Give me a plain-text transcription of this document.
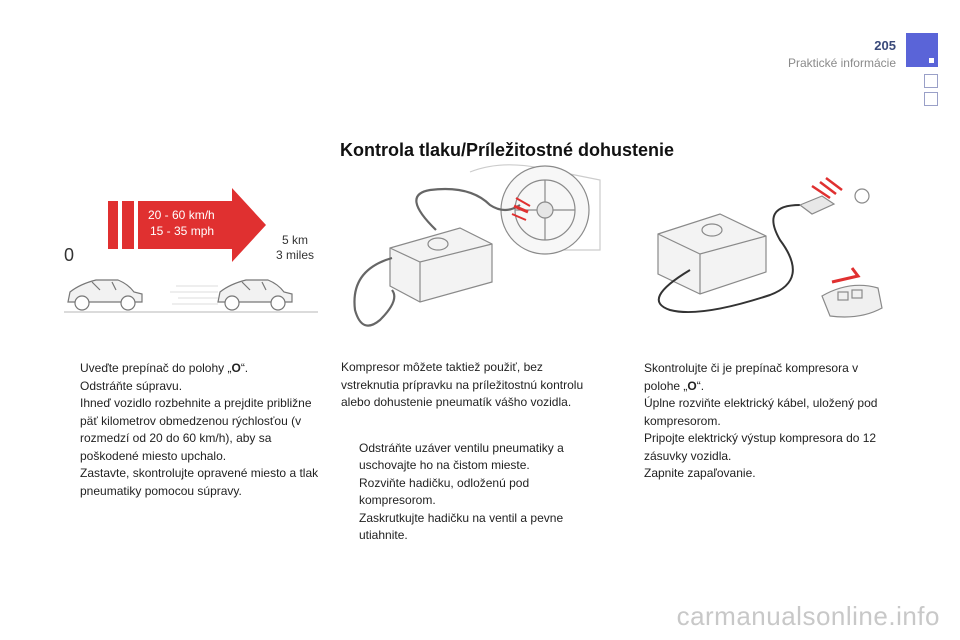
205
Praktické informácie
Kontrola tlaku/Príležitostné dohustenie
20 - 60 km/h
15 - 35 mph
0
5 km
3 miles
Uveďte prepínač do polohy „O“.
Odstráňte súpravu.
Ihneď vozidlo rozbehnite a prejdite približne päť kilometrov obmedzenou rýchlosťou (v rozmedzí od 20 do 60 km/h), aby sa poškodené miesto upchalo.
Zastavte, skontrolujte opravené miesto a tlak pneumatiky pomocou súpravy.

Kompresor môžete taktiež použiť, bez vstreknutia prípravku na príležitostnú kontrolu alebo dohustenie pneumatík vášho vozidla.

Odstráňte uzáver ventilu pneumatiky a uschovajte ho na čistom mieste.
Rozviňte hadičku, odloženú pod kompresorom.
Zaskrutkujte hadičku na ventil a pevne utiahnite.
Skontrolujte či je prepínač kompresora v polohe „O“.
Úplne rozviňte elektrický kábel, uložený pod kompresorom.
Pripojte elektrický výstup kompresora do 12 zásuvky vozidla.
Zapnite zapaľovanie.
carmanualsonline.info
